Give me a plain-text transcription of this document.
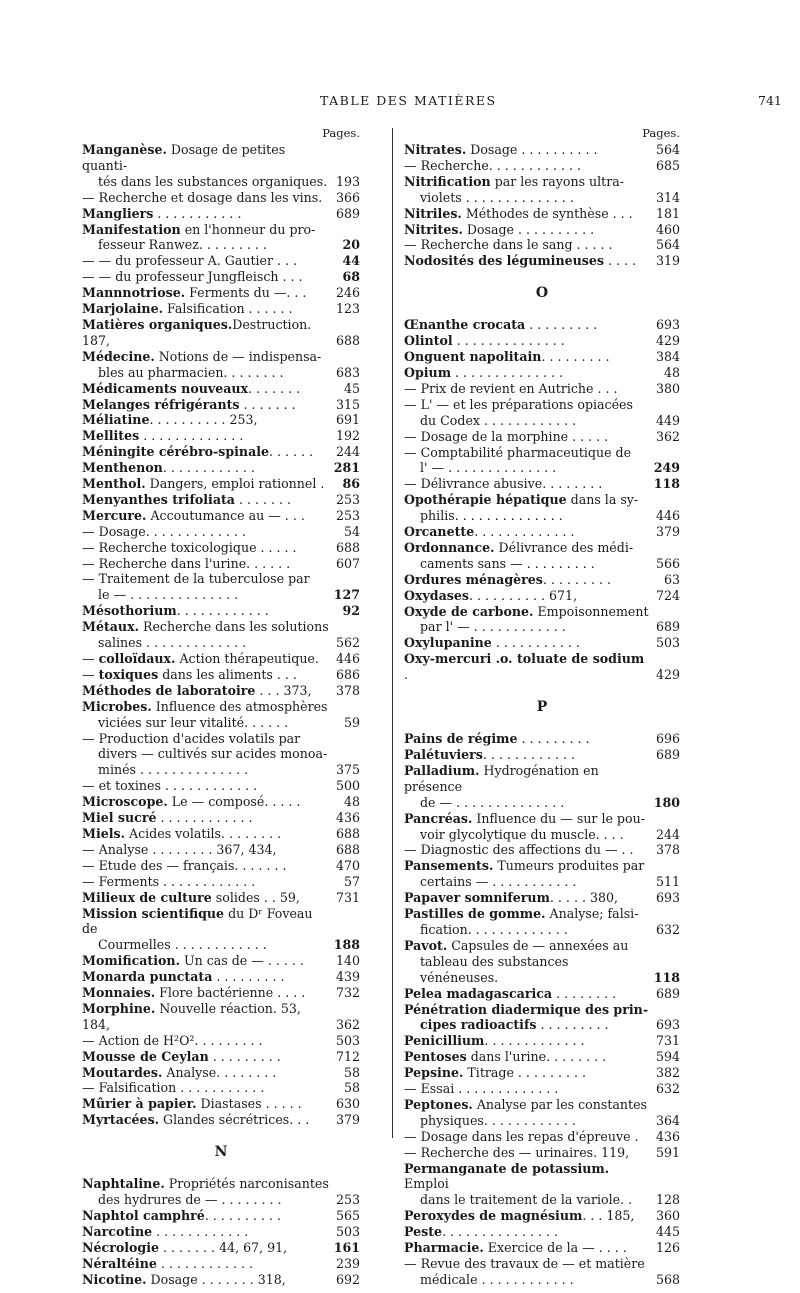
TABLE DES MATIÈRES	741
Pages.
Manganèse. Dosage de petites quanti-
tés dans les substances organiques. 193
— Recherche et dosage dans les vins.	366
Mangliers . . . . . . . . . . .	689
Manifestation en l'honneur du pro-
fesseur Ranwez. . . . . . . . .	20
— — du professeur A. Gautier . . .	44
— — du professeur Jungfleisch . . .	68
Mannnotriose. Ferments du —. . .	246
Marjolaine. Falsification . . . . . .	123
Matières organiques.Destruction. 187,	688
Médecine. Notions de — indispensa-
bles au pharmacien. . . . . . . .	683
Médicaments nouveaux. . . . . . .	45
Melanges réfrigérants . . . . . . .	315
Méliatine. . . . . . . . . . 253,	691
Mellites . . . . . . . . . . . . .	192
Méningite cérébro-spinale. . . . . .	244
Menthenon. . . . . . . . . . . .	281
Menthol. Dangers, emploi rationnel .	86
Menyanthes trifoliata . . . . . . .	253
Mercure. Accoutumance au — . . .	253
— Dosage. . . . . . . . . . . . .	54
— Recherche toxicologique . . . . .	688
— Recherche dans l'urine. . . . . .	607
— Traitement de la tuberculose par
le — . . . . . . . . . . . . . .	127
Mésothorium. . . . . . . . . . . .	92
Métaux. Recherche dans les solutions
salines . . . . . . . . . . . . .	562
— colloïdaux. Action thérapeutique.	446
— toxiques dans les aliments . . .	686
Méthodes de laboratoire . . . 373,	378
Microbes. Influence des atmosphères
viciées sur leur vitalité. . . . . .	59
— Production d'acides volatils par
divers — cultivés sur acides monoa-
minés . . . . . . . . . . . . . .	375
— et toxines . . . . . . . . . . . .	500
Microscope. Le — composé. . . . .	48
Miel sucré . . . . . . . . . . . .	436
Miels. Acides volatils. . . . . . . .	688
— Analyse . . . . . . . . 367, 434,	688
— Etude des — français. . . . . . .	470
— Ferments . . . . . . . . . . . .	57
Milieux de culture solides . . 59,	731
Mission scientifique du Dʳ Foveau de
Courmelles . . . . . . . . . . . .	188
Momification. Un cas de — . . . . .	140
Monarda punctata . . . . . . . . .	439
Monnaies. Flore bactérienne . . . .	732
Morphine. Nouvelle réaction. 53, 184,	362
— Action de H²O². . . . . . . . .	503
Mousse de Ceylan . . . . . . . . .	712
Moutardes. Analyse. . . . . . . .	58
— Falsification . . . . . . . . . . .	58
Mûrier à papier. Diastases . . . . .	630
Myrtacées. Glandes sécrétrices. . .	379
N
Naphtaline. Propriétés narconisantes
des hydrures de — . . . . . . . .	253
Naphtol camphré. . . . . . . . . .	565
Narcotine . . . . . . . . . . . .	503
Nécrologie . . . . . . . 44, 67, 91,	161
Néraltéine . . . . . . . . . . . .	239
Nicotine. Dosage . . . . . . . 318,	692
Pages.
Nitrates. Dosage . . . . . . . . . .	564
— Recherche. . . . . . . . . . . .	685
Nitrification par les rayons ultra-
violets . . . . . . . . . . . . . .	314
Nitriles. Méthodes de synthèse . . .	181
Nitrites. Dosage . . . . . . . . . .	460
— Recherche dans le sang . . . . .	564
Nodosités des légumineuses . . . .	319
O
Œnanthe crocata . . . . . . . . .	693
Olintol . . . . . . . . . . . . . .	429
Onguent napolitain. . . . . . . . .	384
Opium . . . . . . . . . . . . . .	48
— Prix de revient en Autriche . . .	380
— L' — et les préparations opiacées
du Codex . . . . . . . . . . . .	449
— Dosage de la morphine . . . . .	362
— Comptabilité pharmaceutique de
l' — . . . . . . . . . . . . . .	249
— Délivrance abusive. . . . . . . .	118
Opothérapie hépatique dans la sy-
philis. . . . . . . . . . . . . .	446
Orcanette. . . . . . . . . . . . .	379
Ordonnance. Délivrance des médi-
caments sans — . . . . . . . . .	566
Ordures ménagères. . . . . . . . .	63
Oxydases. . . . . . . . . . 671,	724
Oxyde de carbone. Empoisonnement
par l' — . . . . . . . . . . . .	689
Oxylupanine . . . . . . . . . . .	503
Oxy-mercuri .o. toluate de sodium .	429
P
Pains de régime . . . . . . . . .	696
Palétuviers. . . . . . . . . . . .	689
Palladium. Hydrogénation en présence
de — . . . . . . . . . . . . . .	180
Pancréas. Influence du — sur le pou-
voir glycolytique du muscle. . . .	244
— Diagnostic des affections du — . .	378
Pansements. Tumeurs produites par
certains — . . . . . . . . . . .	511
Papaver somniferum. . . . . 380,	693
Pastilles de gomme. Analyse; falsi-
fication. . . . . . . . . . . . .	632
Pavot. Capsules de — annexées au
tableau des substances vénéneuses.	118
Pelea madagascarica . . . . . . . .	689
Pénétration diadermique des prin-
cipes radioactifs . . . . . . . . .	693
Penicillium. . . . . . . . . . . . .	731
Pentoses dans l'urine. . . . . . . .	594
Pepsine. Titrage . . . . . . . . .	382
— Essai . . . . . . . . . . . . .	632
Peptones. Analyse par les constantes
physiques. . . . . . . . . . . .	364
— Dosage dans les repas d'épreuve .	436
— Recherche des — urinaires. 119,	591
Permanganate de potassium. Emploi
dans le traitement de la variole. .	128
Peroxydes de magnésium. . . 185,	360
Peste. . . . . . . . . . . . . . .	445
Pharmacie. Exercice de la — . . . .	126
— Revue des travaux de — et matière
médicale . . . . . . . . . . . .	568
